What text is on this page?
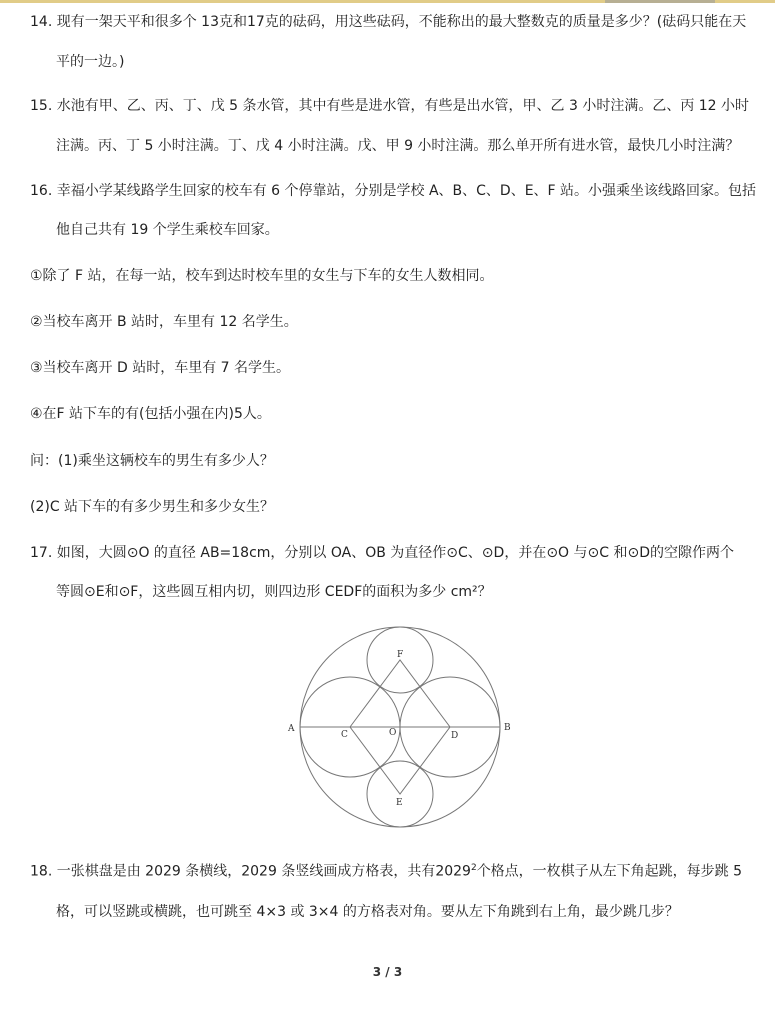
14. 现有一架天平和很多个 13克和17克的砝码，用这些砝码，不能称出的最大整数克的质量是多少？(砝码只能在天
平的一边。)
15. 水池有甲、乙、丙、丁、戊 5 条水管，其中有些是进水管，有些是出水管，甲、乙 3 小时注满。乙、丙 12 小时
注满。丙、丁 5 小时注满。丁、戊 4 小时注满。戊、甲 9 小时注满。那么单开所有进水管，最快几小时注满？
16. 幸福小学某线路学生回家的校车有 6 个停靠站，分别是学校 A、B、C、D、E、F 站。小强乘坐该线路回家。包括
他自己共有 19 个学生乘校车回家。
①除了 F 站，在每一站，校车到达时校车里的女生与下车的女生人数相同。
②当校车离开 B 站时，车里有 12 名学生。
③当校车离开 D 站时，车里有 7 名学生。
④在F 站下车的有(包括小强在内)5人。
问：(1)乘坐这辆校车的男生有多少人？
(2)C 站下车的有多少男生和多少女生？
17. 如图，大圆⊙O 的直径 AB=18cm，分别以 OA、OB 为直径作⊙C、⊙D，并在⊙O 与⊙C 和⊙D的空隙作两个
等圆⊙E和⊙F，这些圆互相内切，则四边形 CEDF的面积为多少 cm²？
A	B
C	O	D
E
F
18. 一张棋盘是由 2029 条横线，2029 条竖线画成方格表，共有2029$^2$个格点，一枚棋子从左下角起跳，每步跳 5
格，可以竖跳或横跳，也可跳至 4×3 或 3×4 的方格表对角。要从左下角跳到右上角，最少跳几步？
3 / 3
